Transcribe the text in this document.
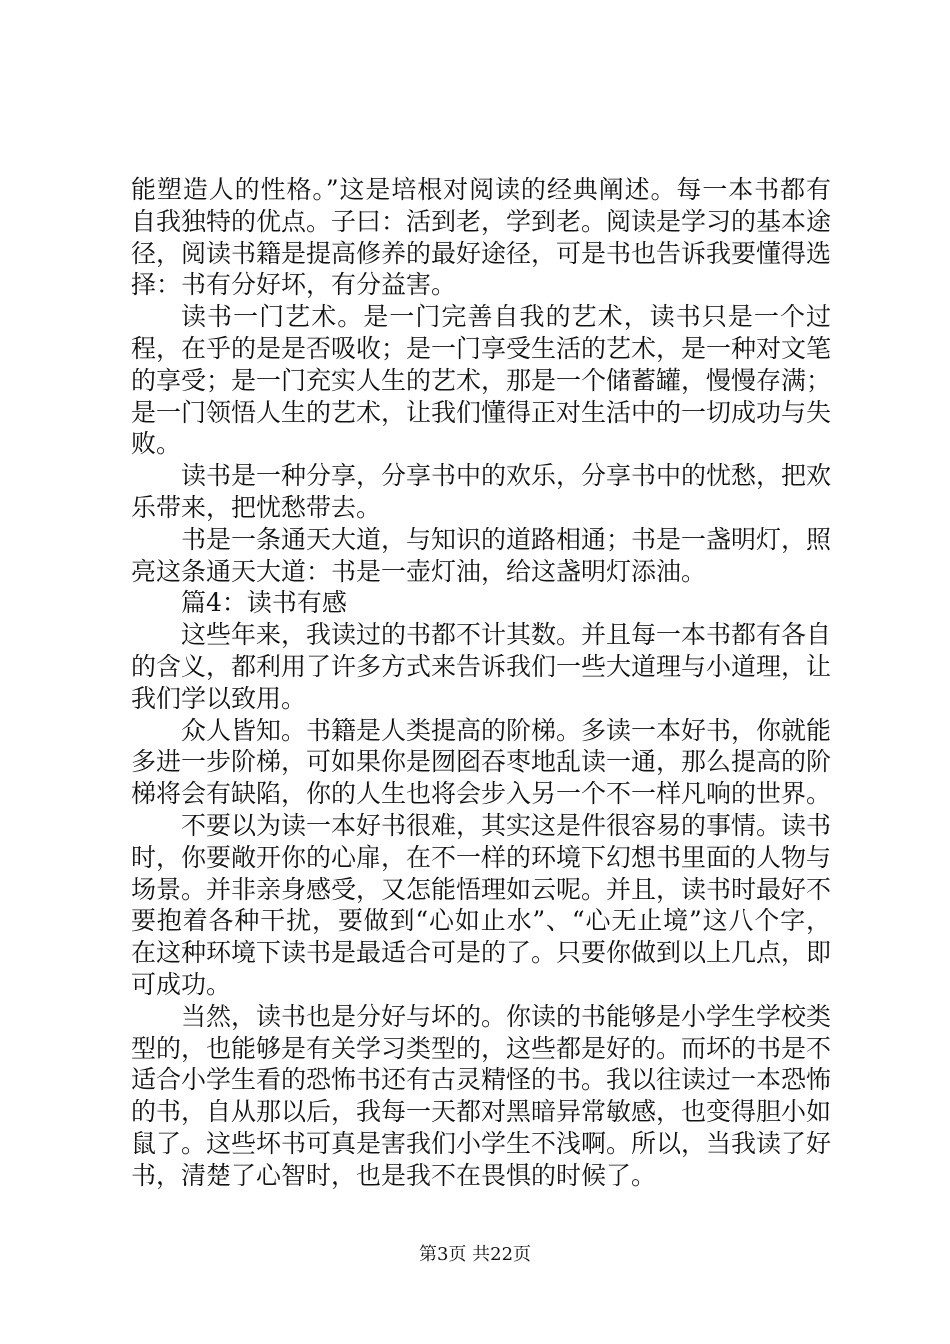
能塑造人的性格。”这是培根对阅读的经典阐述。每一本书都有自我独特的优点。子曰：活到老，学到老。阅读是学习的基本途径，阅读书籍是提高修养的最好途径，可是书也告诉我要懂得选择：书有分好坏，有分益害。

读书一门艺术。是一门完善自我的艺术，读书只是一个过程，在乎的是是否吸收；是一门享受生活的艺术，是一种对文笔的享受；是一门充实人生的艺术，那是一个储蓄罐，慢慢存满；是一门领悟人生的艺术，让我们懂得正对生活中的一切成功与失败。

读书是一种分享，分享书中的欢乐，分享书中的忧愁，把欢乐带来，把忧愁带去。

书是一条通天大道，与知识的道路相通；书是一盏明灯，照亮这条通天大道：书是一壶灯油，给这盏明灯添油。

篇4：读书有感

这些年来，我读过的书都不计其数。并且每一本书都有各自的含义，都利用了许多方式来告诉我们一些大道理与小道理，让我们学以致用。

众人皆知。书籍是人类提高的阶梯。多读一本好书，你就能多进一步阶梯，可如果你是囫囵吞枣地乱读一通，那么提高的阶梯将会有缺陷，你的人生也将会步入另一个不一样凡响的世界。

不要以为读一本好书很难，其实这是件很容易的事情。读书时，你要敞开你的心扉，在不一样的环境下幻想书里面的人物与场景。并非亲身感受，又怎能悟理如云呢。并且，读书时最好不要抱着各种干扰，要做到“心如止水”、“心无止境”这八个字，在这种环境下读书是最适合可是的了。只要你做到以上几点，即可成功。

当然，读书也是分好与坏的。你读的书能够是小学生学校类型的，也能够是有关学习类型的，这些都是好的。而坏的书是不适合小学生看的恐怖书还有古灵精怪的书。我以往读过一本恐怖的书，自从那以后，我每一天都对黑暗异常敏感，也变得胆小如鼠了。这些坏书可真是害我们小学生不浅啊。所以，当我读了好书，清楚了心智时，也是我不在畏惧的时候了。

第3页 共22页
